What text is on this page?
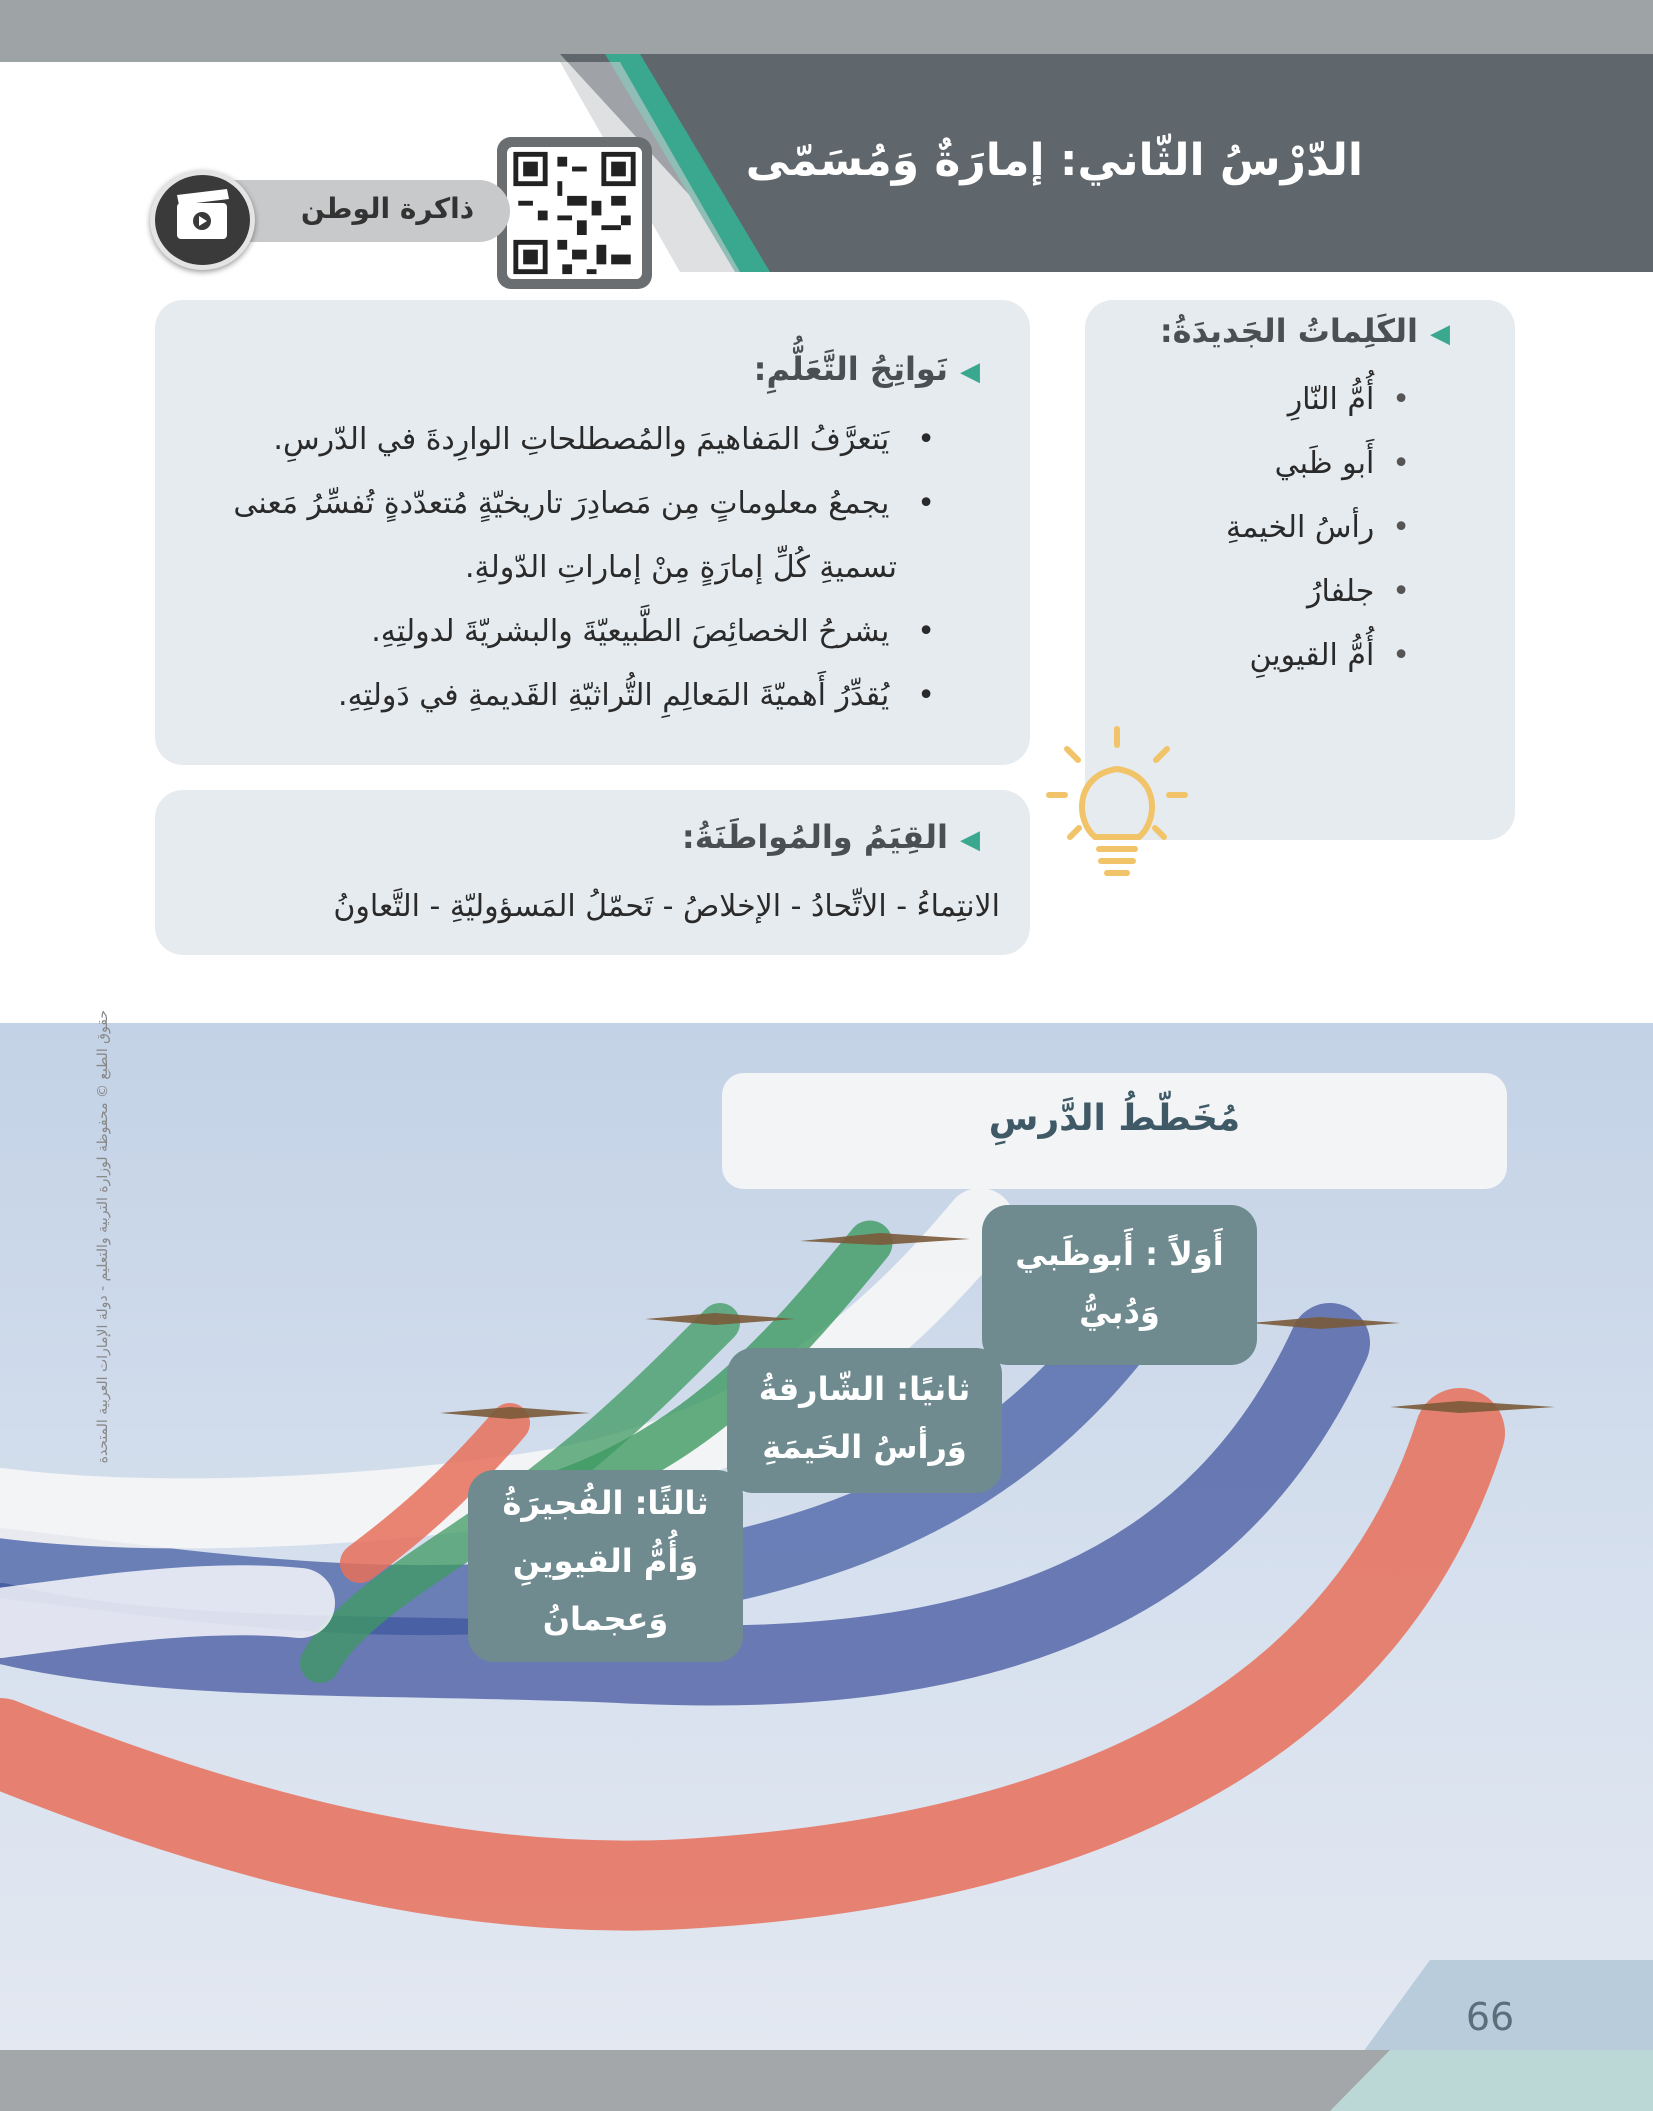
الدّرْسُ الثّاني: إمارَةٌ وَمُسَمّى
ذاكرة الوطن
◀الكَلِماتُ الجَديدَةُ:
• أُمُّ النّارِ
• أَبو ظَبي
• رأسُ الخيمةِ
• جلفارُ
• أُمُّ القيوينِ
◀نَواتِجُ التَّعَلُّمِ:
•يَتعرَّفُ المَفاهيمَ والمُصطلحاتِ الوارِدةَ في الدّرسِ.
•يجمعُ معلوماتٍ مِن مَصادِرَ تاريخيّةٍ مُتعدّدةٍ تُفسِّرُ مَعنى
تسميةِ كُلِّ إمارَةٍ مِنْ إماراتِ الدّولةِ.
•يشرحُ الخصائِصَ الطَّبيعيّةَ والبشريّةَ لدولتِهِ.
•يُقدِّرُ أَهميّةَ المَعالِمِ التُّراثيّةِ القَديمةِ في دَولتِهِ.
◀القِيَمُ والمُواطَنَةُ:
الانتِماءُ - الاتِّحادُ - الإخلاصُ - تَحمّلُ المَسؤوليّةِ - التَّعاونُ
مُخَطّطُ الدَّرسِ
أَوَلاً : أَبوظَبي
وَدُبيُّ
ثانيًا: الشّارقةُ
وَرأسُ الخَيمَةِ
ثالثًا: الفُجيرَةُ
وَأُمُّ القيوينِ
وَعجمانُ
حقوق الطبع © محفوظة لوزارة التربية والتعليم - دولة الإمارات العربية المتحدة
66
